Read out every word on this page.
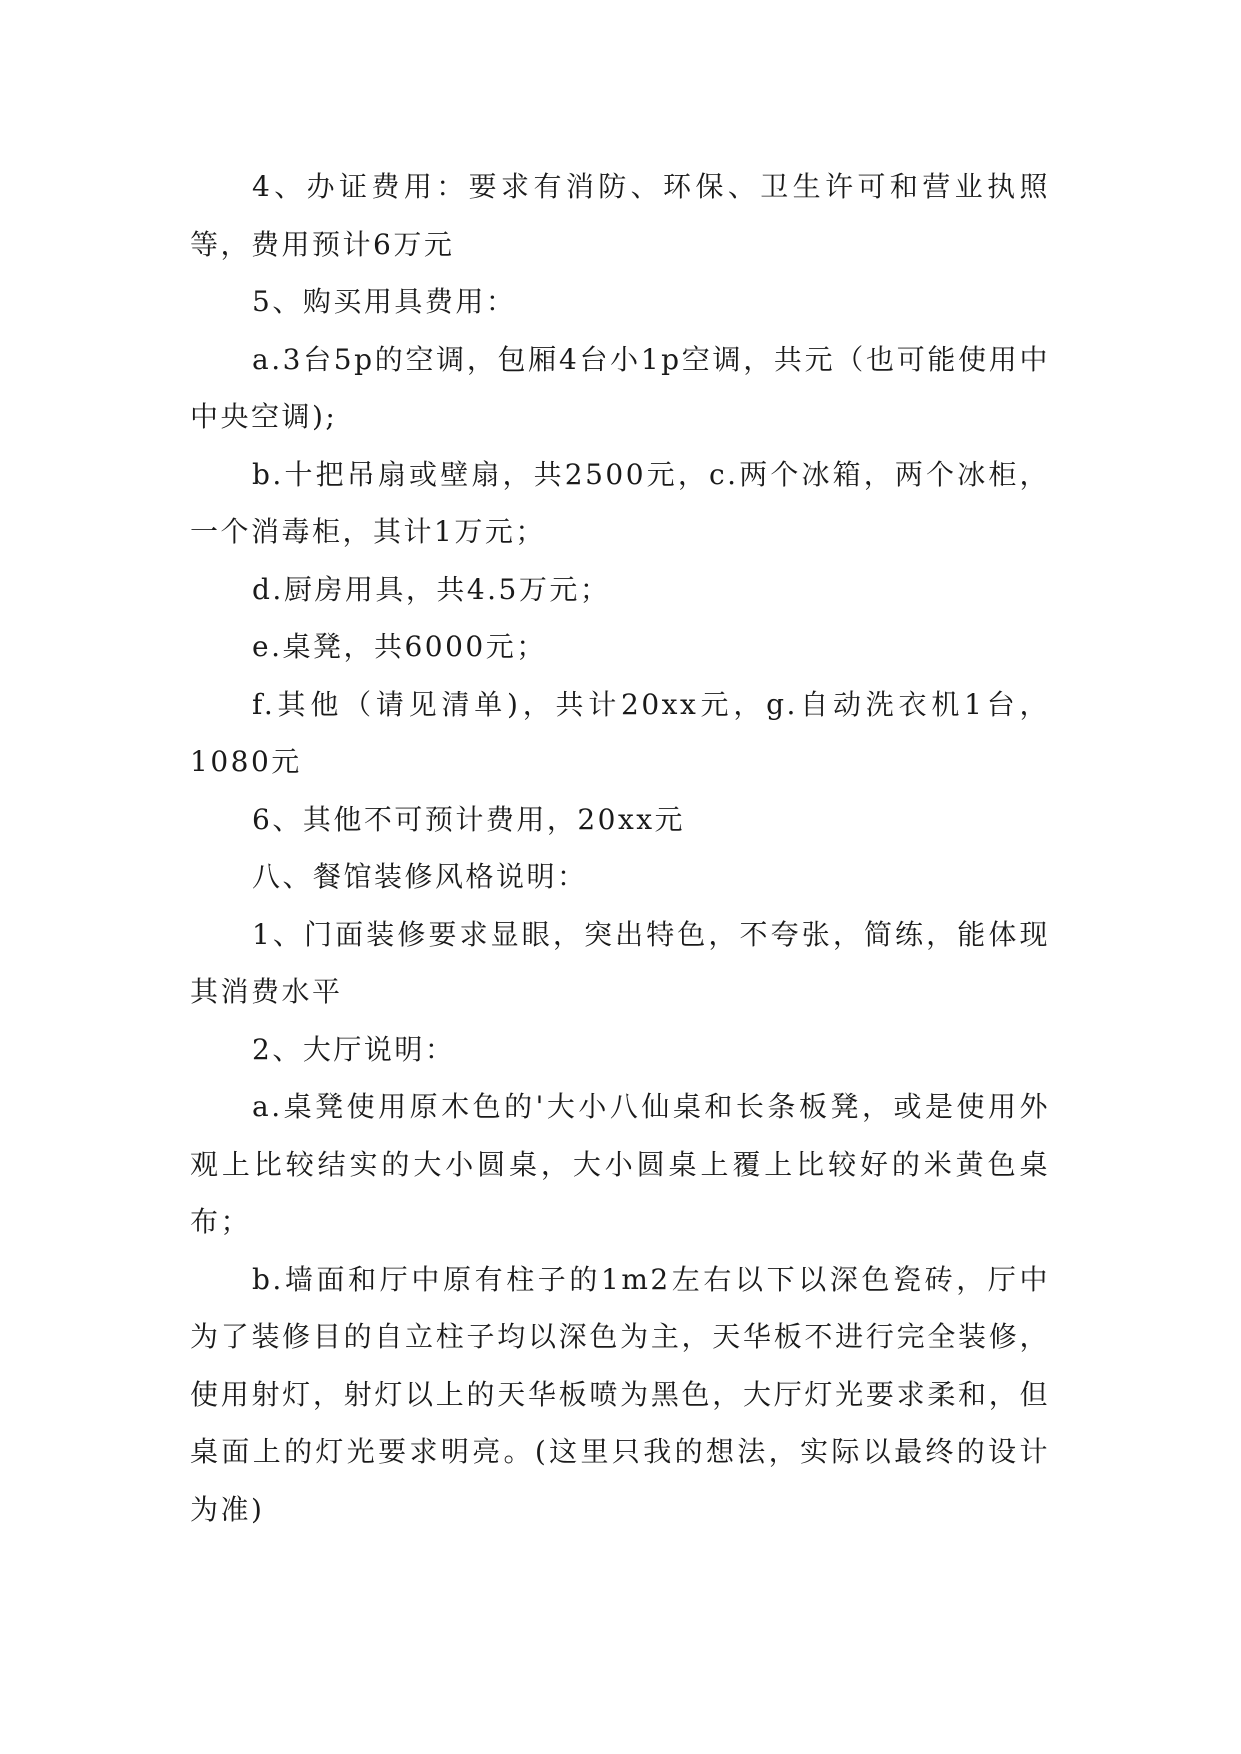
4、办证费用：要求有消防、环保、卫生许可和营业执照等，费用预计6万元

5、购买用具费用：

a.3台5p的空调，包厢4台小1p空调，共元（也可能使用中中央空调);

b.十把吊扇或壁扇，共2500元，c.两个冰箱，两个冰柜，一个消毒柜，其计1万元；

d.厨房用具，共4.5万元；

e.桌凳，共6000元；

f.其他（请见清单)，共计20xx元，g.自动洗衣机1台，1080元

6、其他不可预计费用，20xx元

八、餐馆装修风格说明：

1、门面装修要求显眼，突出特色，不夸张，简练，能体现其消费水平

2、大厅说明：

a.桌凳使用原木色的'大小八仙桌和长条板凳，或是使用外观上比较结实的大小圆桌，大小圆桌上覆上比较好的米黄色桌布；

b.墙面和厅中原有柱子的1m2左右以下以深色瓷砖，厅中为了装修目的自立柱子均以深色为主，天华板不进行完全装修，使用射灯，射灯以上的天华板喷为黑色，大厅灯光要求柔和，但桌面上的灯光要求明亮。(这里只我的想法，实际以最终的设计为准)
